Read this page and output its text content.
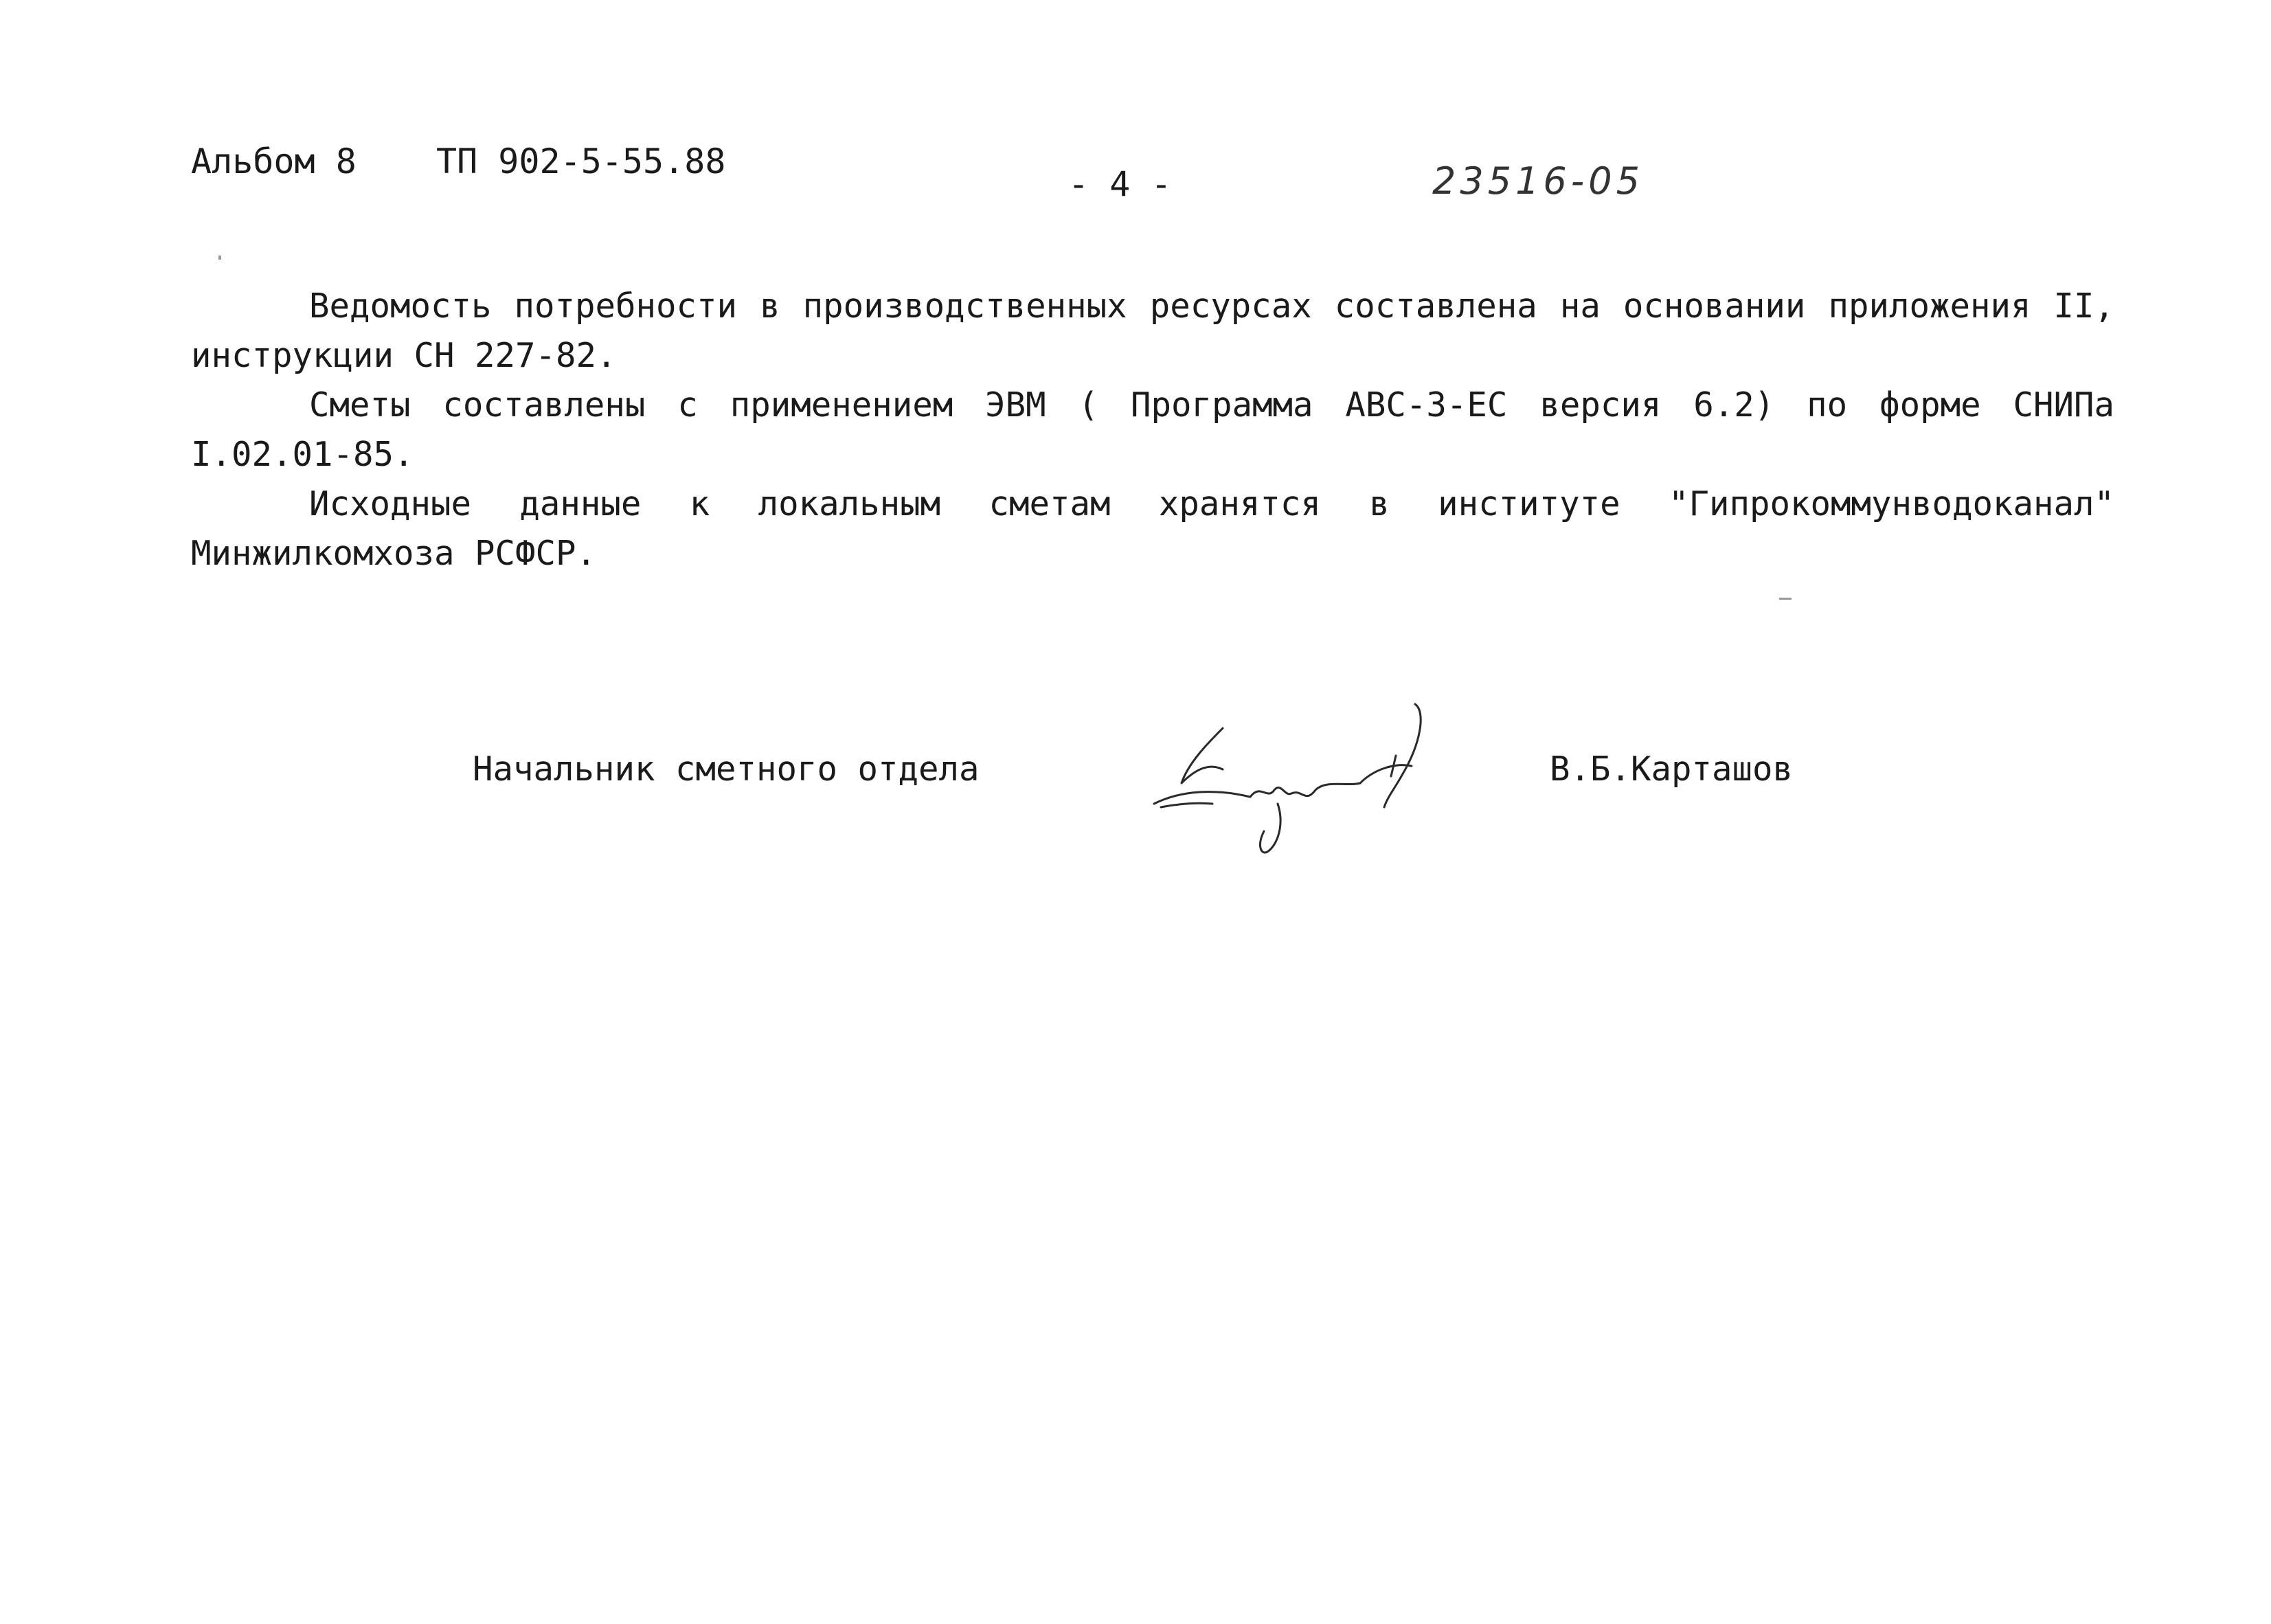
Альбом 8 ТП 902-5-55.88
- 4 -	23516-05

Ведомость потребности в производственных ресурсах составлена на основании приложения II, инструкции СН 227-82.

Сметы составлены с применением ЭВМ ( Программа АВС-3-ЕС версия 6.2) по форме СНИПа I.02.01-85.

Исходные данные к локальным сметам хранятся в институте "Гипрокоммунводоканал" Минжилкомхоза РСФСР.

Начальник сметного отдела	В.Б.Карташов
